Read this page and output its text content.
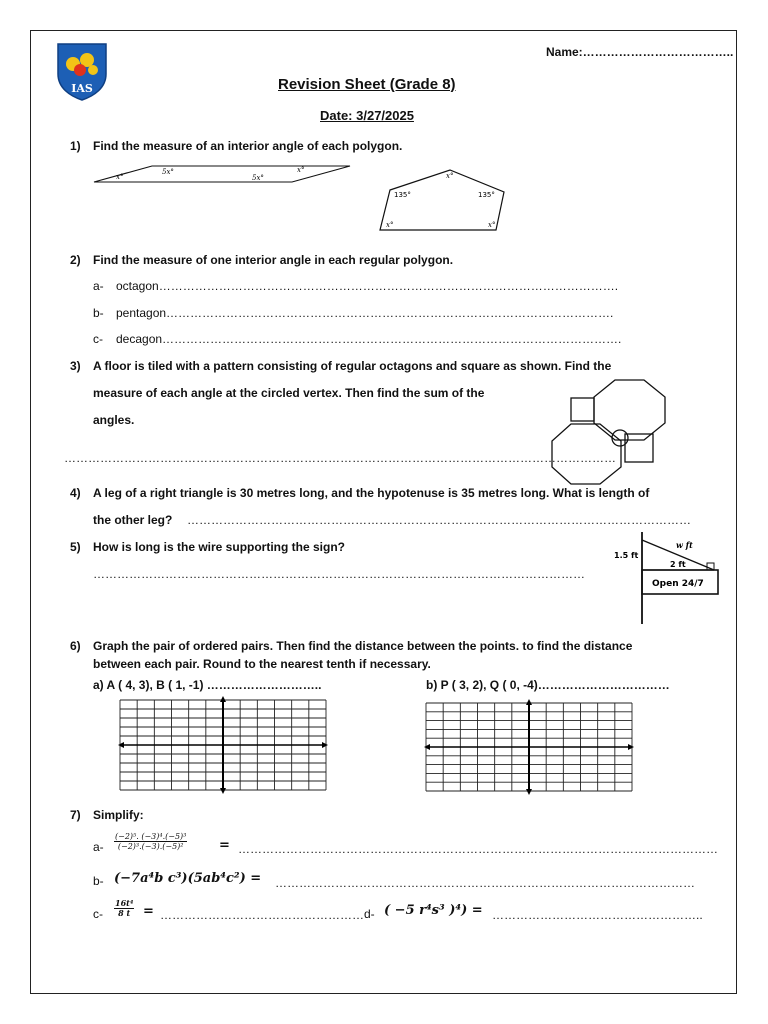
IAS
Name:………………………………..
Revision Sheet (Grade 8)
Date: 3/27/2025
1) Find the measure of an interior angle of each polygon.
5x°
x°	5x°
x°
x°
135°	135°
x°	x°
2) Find the measure of one interior angle in each regular polygon.
a- octagon…………………………………………………………………………………………………….
b- pentagon………………………………………………………………………………………………….
c- decagon…………………………………………………………………………………………………….
3) A floor is tiled with a pattern consisting of regular octagons and square as shown. Find the
measure of each angle at the circled vertex. Then find the sum of the
angles.
…………………………………………………………………………………………………………………………
4) A leg of a right triangle is 30 metres long, and the hypotenuse is 35 metres long. What is length of
the other leg? ………………………………………………………………………………………………………………
5) How is long is the wire supporting the sign?
……………………………………………………………………………………………………………
1.5 ft
w ft
2 ft
Open 24/7
6) Graph the pair of ordered pairs. Then find the distance between the points. to find the distance
between each pair. Round to the nearest tenth if necessary.
a) A ( 4, 3), B ( 1, -1) ………………………..	b) P ( 3, 2), Q ( 0, -4)……………………………
7) Simplify:
$a- \frac{\text{(−2)⁵. (−3)⁴.(−5)³}}{\text{(−2)³.(−3).(−5)²}}$ = …………………………………………………………………………………………………………
b- (−7a⁴b c³)(5ab⁴c²) = ……………………………………………………………………………………………
$c- \frac{\text{16t⁴}}{8 t}$ = …………………………………………… d- ( −5 r⁴s³ )⁴) = ……………………………………………..
